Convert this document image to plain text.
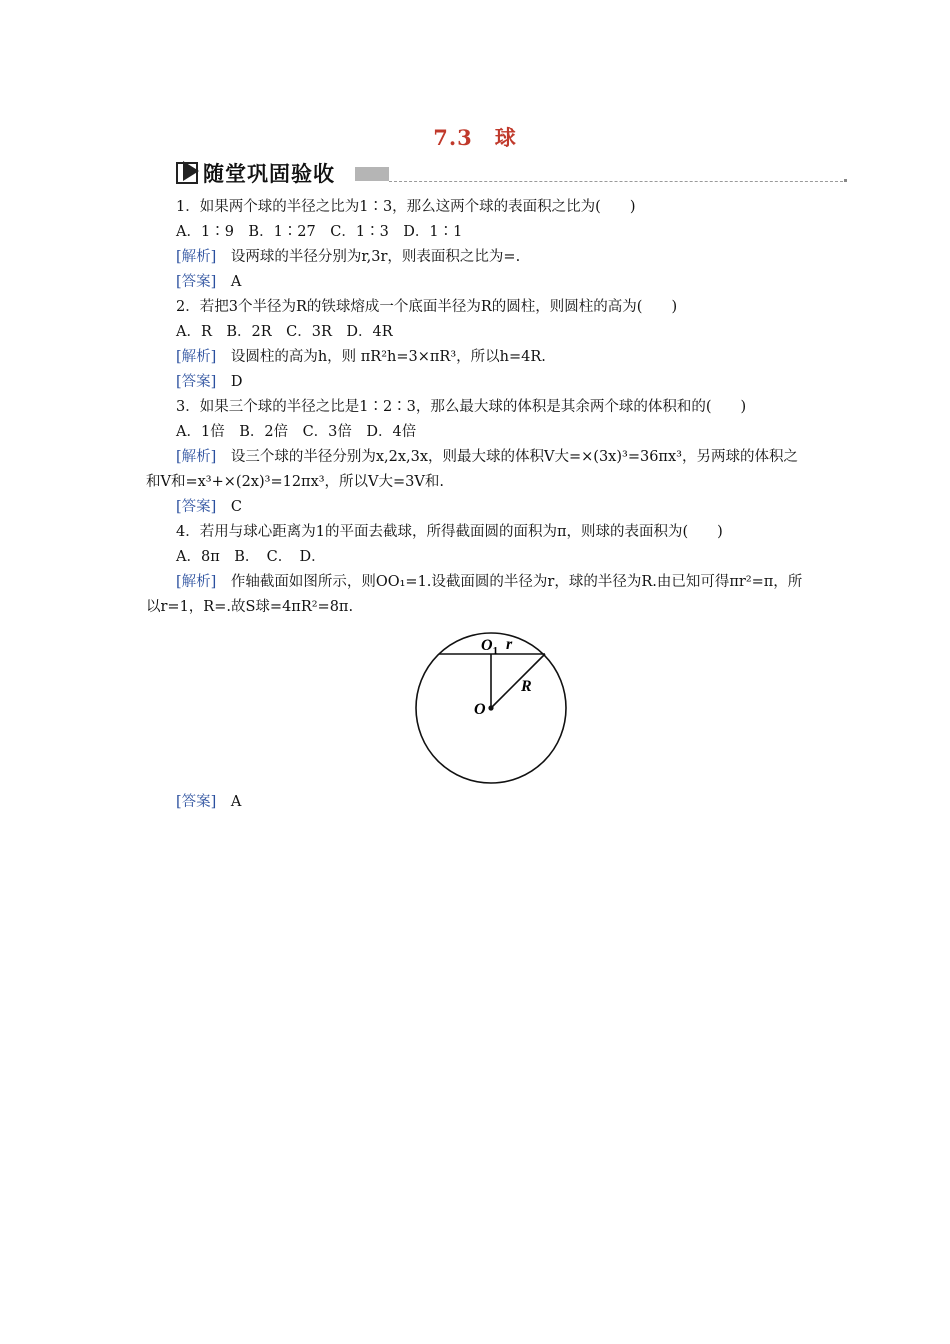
7.3　球
随堂巩固验收
1．如果两个球的半径之比为1∶3，那么这两个球的表面积之比为(　　)
A．1∶9　B．1∶27　C．1∶3　D．1∶1
[解析]　 设两球的半径分别为r,3r，则表面积之比为=.
[答案]　 A
2．若把3个半径为R的铁球熔成一个底面半径为R的圆柱，则圆柱的高为(　　)
A．R　B．2R　C．3R　D．4R
[解析]　 设圆柱的高为h，则 πR²h=3×πR³，所以h=4R.
[答案]　 D
3．如果三个球的半径之比是1∶2∶3，那么最大球的体积是其余两个球的体积和的(　　)
A．1倍　B．2倍　C．3倍　D．4倍
[解析]　 设三个球的半径分别为x,2x,3x，则最大球的体积V大=×(3x)³=36πx³，另两球的体积之和V和=x³+×(2x)³=12πx³，所以V大=3V和.
[答案]　 C
4．若用与球心距离为1的平面去截球，所得截面圆的面积为π，则球的表面积为(　　)
A．8π　B．　C．　D．
[解析]　 作轴截面如图所示，则OO₁=1.设截面圆的半径为r，球的半径为R.由已知可得πr²=π，所以r=1，R=.故S球=4πR²=8π.
$O_1$ r
R
O
[答案]　 A
